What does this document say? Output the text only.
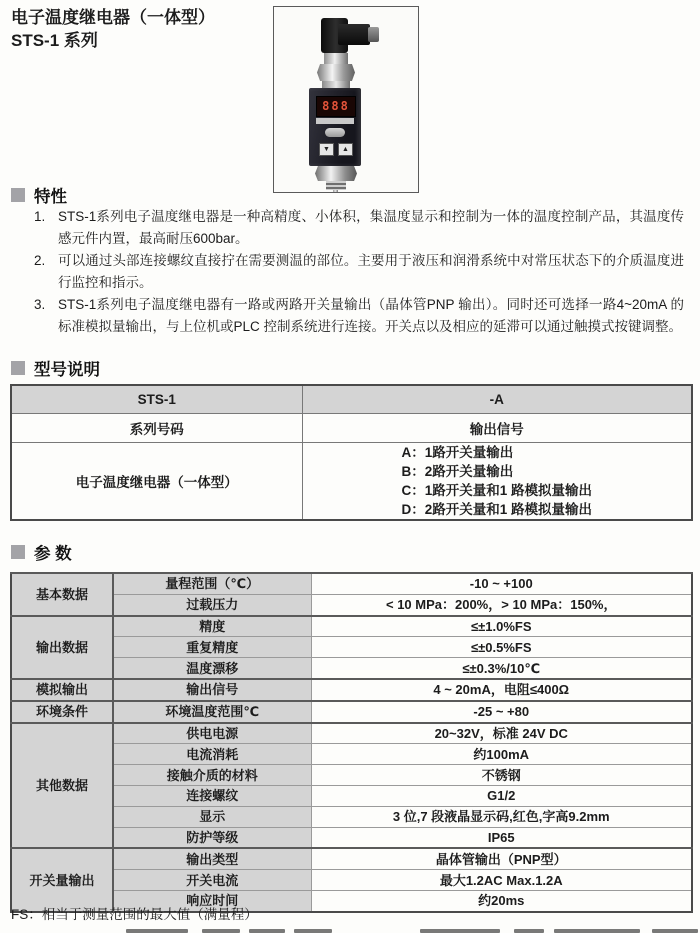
电子温度继电器（一体型）
STS-1 系列
888
▼	▲
特性
1. STS-1系列电子温度继电器是一种高精度、小体积，集温度显示和控制为一体的温度控制产品，其温度传感元件内置，最高耐压600bar。
2. 可以通过头部连接螺纹直接拧在需要测温的部位。主要用于液压和润滑系统中对常压状态下的介质温度进行监控和指示。
3. STS-1系列电子温度继电器有一路或两路开关量输出（晶体管PNP 输出）。同时还可选择一路4~20mA 的标准模拟量输出，与上位机或PLC 控制系统进行连接。开关点以及相应的延滞可以通过触摸式按键调整。
型号说明
STS-1	-A
系列号码	输出信号
电子温度继电器（一体型）	A：1路开关量输出
B：2路开关量输出
C：1路开关量和1 路模拟量输出
D：2路开关量和1 路模拟量输出
参 数
基本数据	量程范围（℃）	-10 ~ +100
	过载压力	< 10 MPa：200%，> 10 MPa：150%，
输出数据	精度	≤±1.0%FS
	重复精度	≤±0.5%FS
	温度漂移	≤±0.3%/10℃
模拟输出	输出信号	4 ~ 20mA，电阻≤400Ω
环境条件	环境温度范围℃	-25 ~ +80
其他数据	供电电源	20~32V，标准 24V DC
	电流消耗	约100mA
	接触介质的材料	不锈钢
	连接螺纹	G1/2
	显示	3 位,7 段液晶显示码,红色,字高9.2mm
	防护等级	IP65
开关量输出	输出类型	晶体管输出（PNP型）
	开关电流	最大1.2AC Max.1.2A
	响应时间	约20ms
FS：相当于测量范围的最大值（满量程）
